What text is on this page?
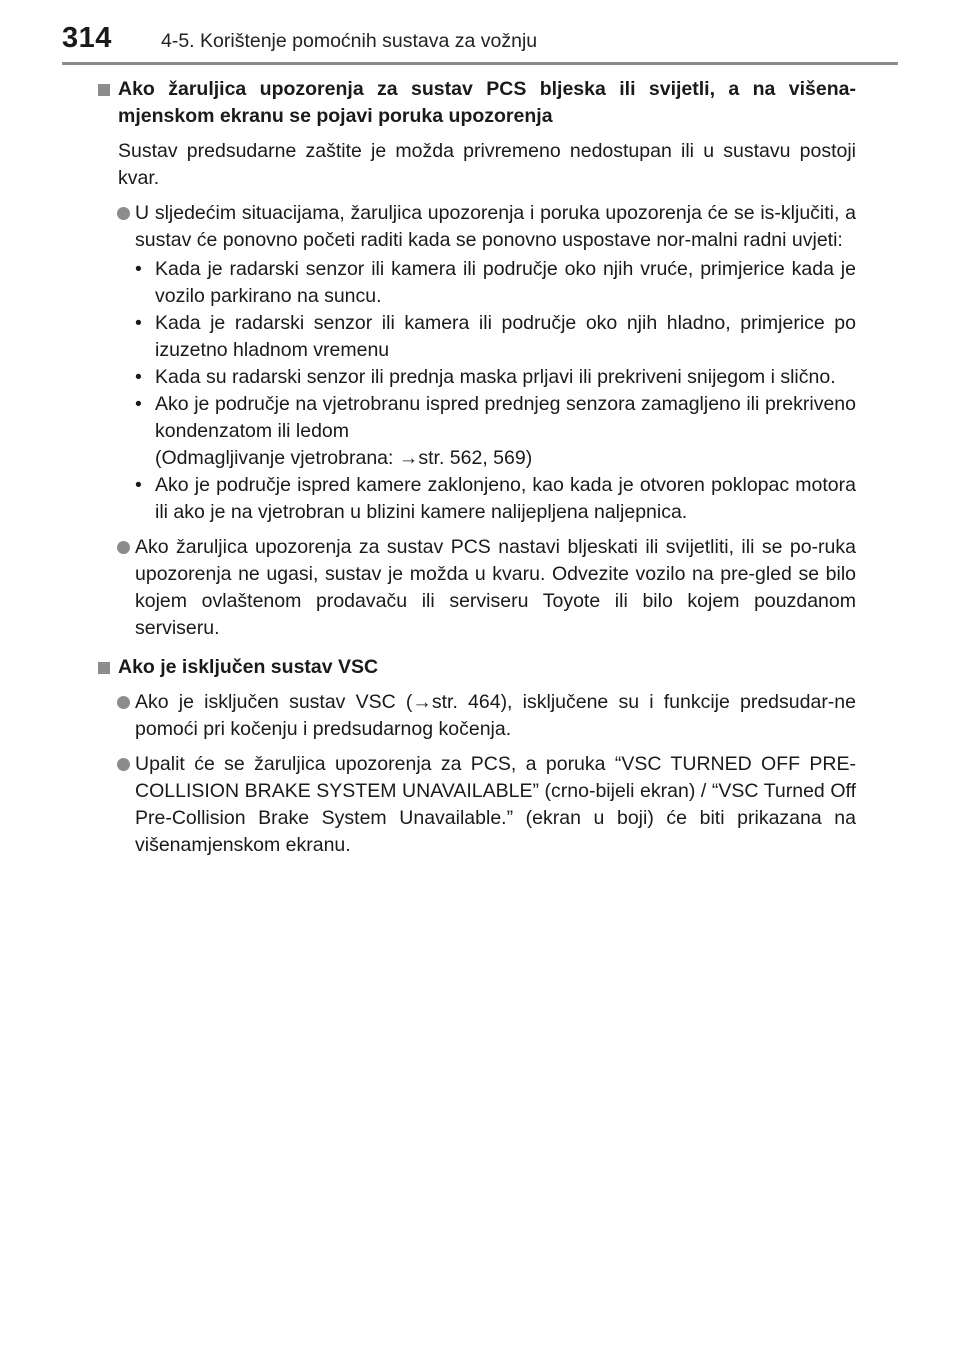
314	4-5. Korištenje pomoćnih sustava za vožnju
Ako žaruljica upozorenja za sustav PCS bljeska ili svijetli, a na višena-mjenskom ekranu se pojavi poruka upozorenja
Sustav predsudarne zaštite je možda privremeno nedostupan ili u sustavu postoji kvar.
U sljedećim situacijama, žaruljica upozorenja i poruka upozorenja će se is-ključiti, a sustav će ponovno početi raditi kada se ponovno uspostave nor-malni radni uvjeti:
• Kada je radarski senzor ili kamera ili područje oko njih vruće, primjerice kada je vozilo parkirano na suncu.
• Kada je radarski senzor ili kamera ili područje oko njih hladno, primjerice po izuzetno hladnom vremenu
• Kada su radarski senzor ili prednja maska prljavi ili prekriveni snijegom i slično.
• Ako je područje na vjetrobranu ispred prednjeg senzora zamagljeno ili prekriveno kondenzatom ili ledom
(Odmagljivanje vjetrobrana: →str. 562, 569)
• Ako je područje ispred kamere zaklonjeno, kao kada je otvoren poklopac motora ili ako je na vjetrobran u blizini kamere nalijepljena naljepnica.
Ako žaruljica upozorenja za sustav PCS nastavi bljeskati ili svijetliti, ili se po-ruka upozorenja ne ugasi, sustav je možda u kvaru. Odvezite vozilo na pre-gled se bilo kojem ovlaštenom prodavaču ili serviseru Toyote ili bilo kojem pouzdanom serviseru.
Ako je isključen sustav VSC
Ako je isključen sustav VSC (→str. 464), isključene su i funkcije predsudar-ne pomoći pri kočenju i predsudarnog kočenja.
Upalit će se žaruljica upozorenja za PCS, a poruka “VSC TURNED OFF PRE-COLLISION BRAKE SYSTEM UNAVAILABLE” (crno-bijeli ekran) / “VSC Turned Off Pre-Collision Brake System Unavailable.” (ekran u boji) će biti prikazana na višenamjenskom ekranu.
